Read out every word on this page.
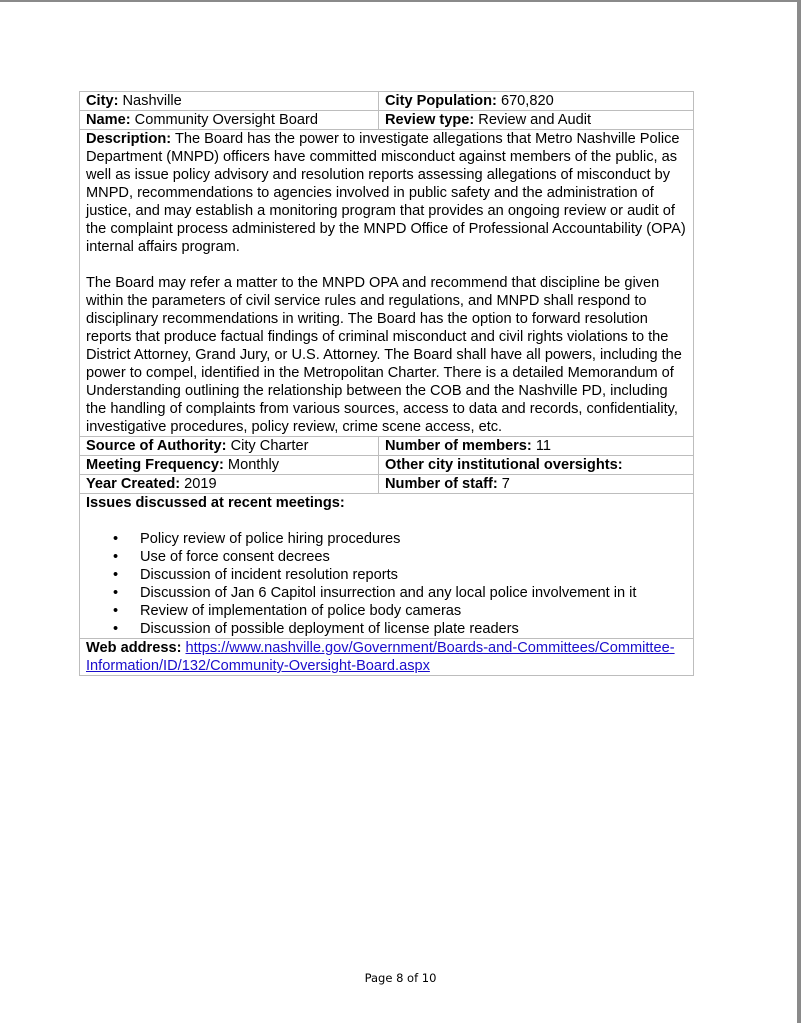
City: Nashville	City Population: 670,820
Name: Community Oversight Board	Review type: Review and Audit

Description: The Board has the power to investigate allegations that Metro Nashville Police Department (MNPD) officers have committed misconduct against members of the public, as well as issue policy advisory and resolution reports assessing allegations of misconduct by MNPD, recommendations to agencies involved in public safety and the administration of justice, and may establish a monitoring program that provides an ongoing review or audit of the complaint process administered by the MNPD Office of Professional Accountability (OPA) internal affairs program.

The Board may refer a matter to the MNPD OPA and recommend that discipline be given within the parameters of civil service rules and regulations, and MNPD shall respond to disciplinary recommendations in writing. The Board has the option to forward resolution reports that produce factual findings of criminal misconduct and civil rights violations to the District Attorney, Grand Jury, or U.S. Attorney. The Board shall have all powers, including the power to compel, identified in the Metropolitan Charter. There is a detailed Memorandum of Understanding outlining the relationship between the COB and the Nashville PD, including the handling of complaints from various sources, access to data and records, confidentiality, investigative procedures, policy review, crime scene access, etc.	

Source of Authority: City Charter	Number of members: 11
Meeting Frequency: Monthly	Other city institutional oversights:
Year Created: 2019	Number of staff: 7

Issues discussed at recent meetings:
• Policy review of police hiring procedures
• Use of force consent decrees
• Discussion of incident resolution reports
• Discussion of Jan 6 Capitol insurrection and any local police involvement in it
• Review of implementation of police body cameras
• Discussion of possible deployment of license plate readers

Web address: https://www.nashville.gov/Government/Boards-and-Committees/Committee-Information/ID/132/Community-Oversight-Board.aspx	
Page 8 of 10
